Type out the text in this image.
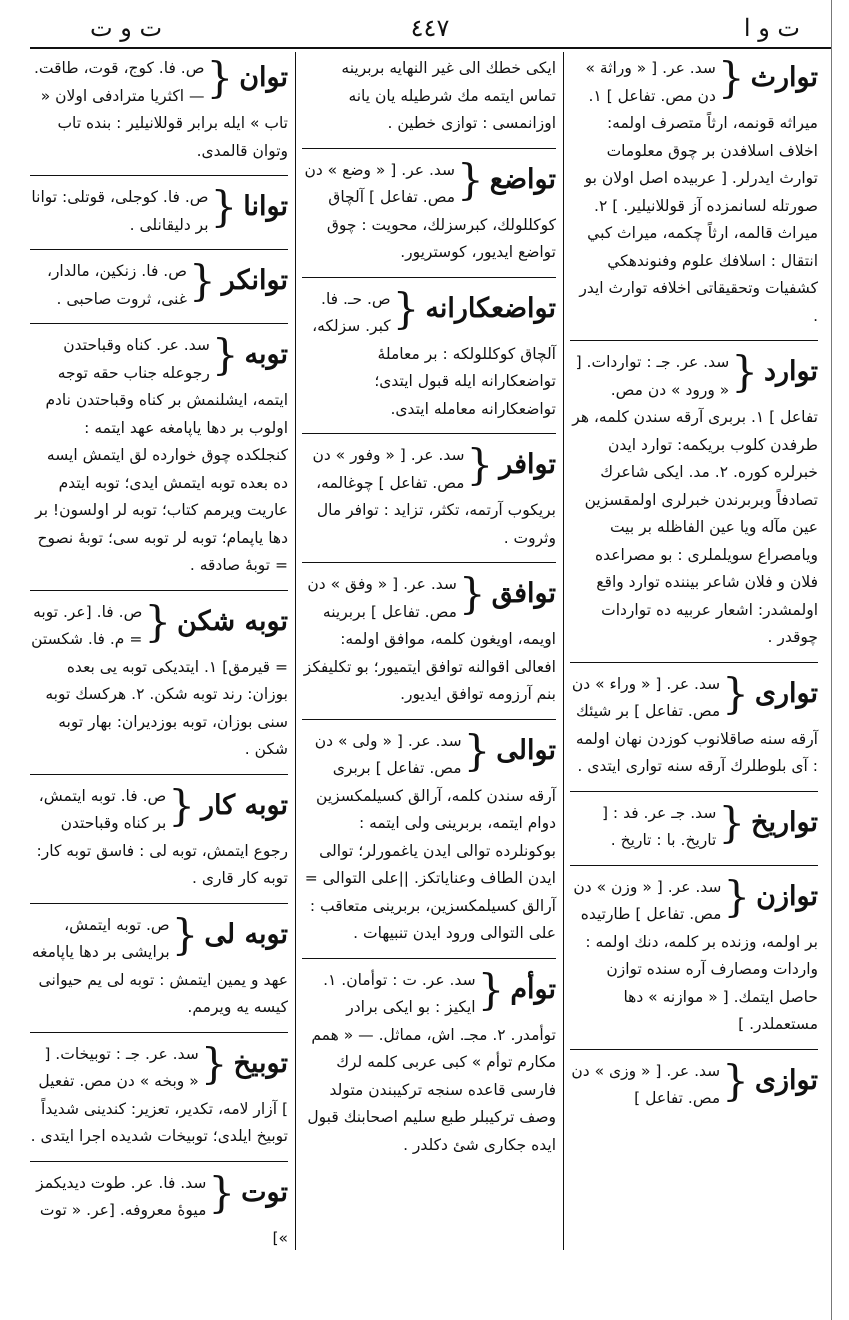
ت و ت	٤٤٧	ت و ا
توارث
{
سد. عر. [ « وراثة » دن مص. تفاعل ] ١. ميراثه قونمه، ارثاً متصرف اولمه: اخلاف اسلافدن بر چوق معلومات توارث ايدرلر. [ عربيده اصل اولان بو صورتله لسانمزده آز قوللانيلير. ] ٢. ميراث قالمه، ارثاً چكمه، ميراث كبي انتقال : اسلافك علوم وفنوندهكي كشفيات وتحقيقاتى اخلافه توارث ايدر .
توارد
{
سد. عر. جـ : تواردات. [ « ورود » دن مص. تفاعل ] ١. بربرى آرقه سندن كلمه، هر طرفدن كلوب بريكمه: توارد ايدن خبرلره كوره. ٢. مد. ايكى شاعرك تصادفاً وبربرندن خبرلرى اولمقسزين عين مآله ويا عين الفاظله بر بيت ويامصراع سويلملرى : بو مصراعده فلان و فلان شاعر بيننده توارد واقع اولمشدر: اشعار عربيه ده تواردات چوقدر .
توارى
{
سد. عر. [ « وراء » دن مص. تفاعل ] بر شيئك آرقه سنه صاقلانوب كوزدن نهان اولمه : آى بلوطلرك آرقه سنه توارى ايتدى .
تواريخ
{
سد. جـ عر. فد : [ تاريخ. با : تاريخ .
توازن
{
سد. عر. [ « وزن » دن مص. تفاعل ] طارتيده بر اولمه، وزنده بر كلمه، دنك اولمه : واردات ومصارف آره سنده توازن حاصل ايتمك. [ « موازنه » دها مستعملدر. ]
توازى
{
سد. عر. [ « وزى » دن مص. تفاعل ]
ايكى خطك الى غير النهايه بربرينه تماس ايتمه مك شرطيله يان يانه اوزانمسى : توازى خطين .
تواضع
{
سد. عر. [ « وضع » دن مص. تفاعل ] آلچاق كوكللولك، كبرسزلك، محويت : چوق تواضع ايديور، كوستريور.
تواضعكارانه
{
ص. حـ. فا. كبر. سزلكه، آلچاق كوكللولكه : بر معاملهٔ تواضعكارانه ايله قبول ايتدى؛ تواضعكارانه معامله ايتدى.
توافر
{
سد. عر. [ « وفور » دن مص. تفاعل ] چوغالمه، بريكوب آرتمه، تكثر، تزايد : توافر مال وثروت .
توافق
{
سد. عر. [ « وفق » دن مص. تفاعل ] بربرينه اويمه، اويغون كلمه، موافق اولمه: افعالى اقوالنه توافق ايتميور؛ بو تكليفكز بنم آرزومه توافق ايديور.
توالى
{
سد. عر. [ « ولى » دن مص. تفاعل ] بربرى آرقه سندن كلمه، آرالق كسيلمكسزين دوام ايتمه، بربرينى ولى ايتمه : بوكونلرده توالى ايدن ياغمورلر؛ توالى ايدن الطاف وعناياتكز. ||على التوالى = آرالق كسيلمكسزين، بربرينى متعاقب : على التوالى ورود ايدن تنبيهات .
توأم
{
سد. عر. ت : توأمان. ١. ايكيز : بو ايكى برادر توأمدر. ٢. مجـ. اش، مماثل. — « همم مكارم توأم » كبى عربى كلمه لرك فارسى قاعده سنجه تركيبندن متولد وصف تركيبلر طبع سليم اصحابنك قبول ايده جكارى شئ دكلدر .
توان
{
ص. فا. كوج، قوت، طاقت. — اكثريا مترادفى اولان « تاب » ايله برابر قوللانيلير : بنده تاب وتوان قالمدى.
توانا
{
ص. فا. كوجلى، قوتلى: توانا بر دليقانلى .
توانكر
{
ص. فا. زنكين، مالدار، غنى، ثروت صاحبى .
توبه
{
سد. عر. كناه وقباحتدن رجوعله جناب حقه توجه ايتمه، ايشلنمش بر كناه وقباحتدن نادم اولوب بر دها ياپامغه عهد ايتمه : كنجلكده چوق خوارده لق ايتمش ايسه ده بعده توبه ايتمش ايدى؛ توبه ايتدم عاريت ويرمم كتاب؛ توبه لر اولسون! بر دها ياپمام؛ توبه لر توبه سى؛ توبهٔ نصوح = توبهٔ صادقه .
توبه شكن
{
ص. فا. [عر. توبه = م. فا. شكستن = قيرمق] ١. ايتديكى توبه يى بعده بوزان: رند توبه شكن. ٢. هركسك توبه سنى بوزان، توبه بوزديران: بهار توبه شكن .
توبه كار
{
ص. فا. توبه ايتمش، بر كناه وقباحتدن رجوع ايتمش، توبه لى : فاسق توبه كار: توبه كار قارى .
توبه لى
{
ص. توبه ايتمش، برايشى بر دها ياپامغه عهد و يمين ايتمش : توبه لى يم حيوانى كيسه يه ويرمم.
توبيخ
{
سد. عر. جـ : توبيخات. [ « وبخه » دن مص. تفعيل ] آزار لامه، تكدير، تعزير: كندينى شديداً توبيخ ايلدى؛ توبيخات شديده اجرا ايتدى .
توت
{
سد. فا. عر. طوت ديديكمز ميوهٔ معروفه. [عر. « توت »]
